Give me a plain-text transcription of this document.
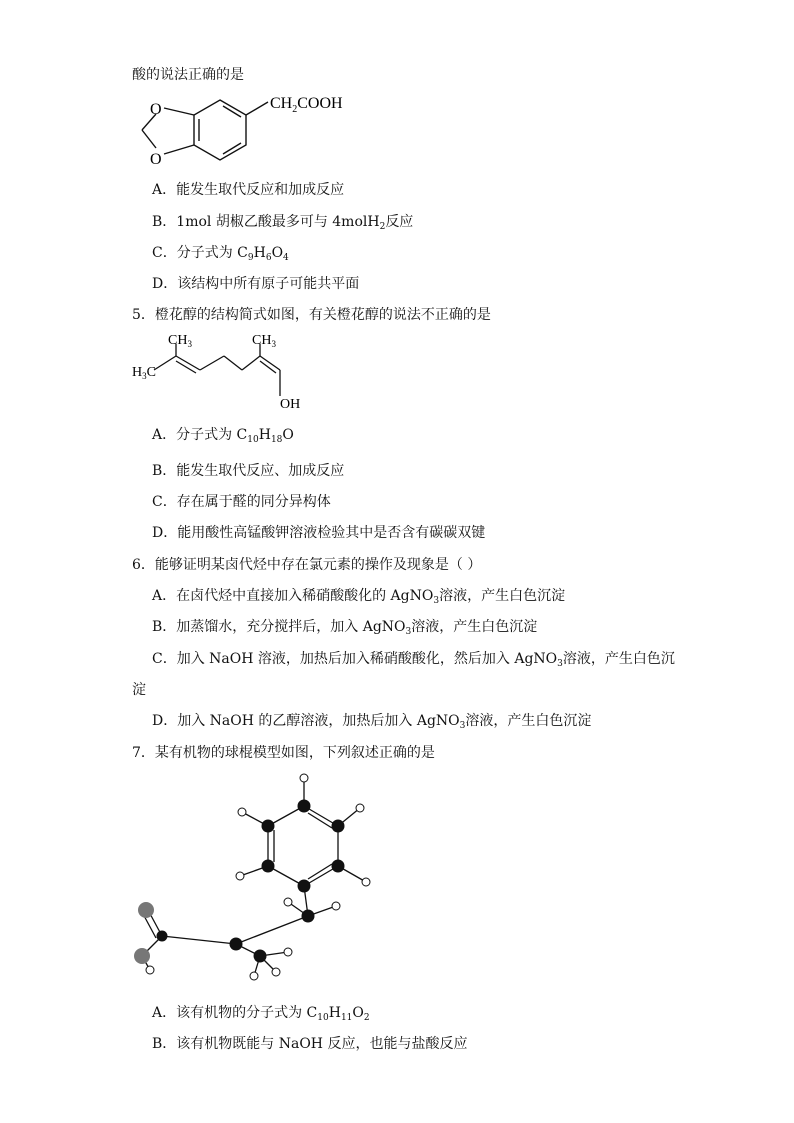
酸的说法正确的是
O
O
$CH_2COOH$
A．能发生取代反应和加成反应
B．1mol 胡椒乙酸最多可与 4molH$_2$反应
C．分子式为 $C_9H_6O_4$
D．该结构中所有原子可能共平面
5．橙花醇的结构简式如图，有关橙花醇的说法不正确的是
$CH_3$	$CH_3$
$H_3C$
OH
A．分子式为 $C_{10}H_{18}O$
B．能发生取代反应、加成反应
C．存在属于醛的同分异构体
D．能用酸性高锰酸钾溶液检验其中是否含有碳碳双键
6．能够证明某卤代烃中存在氯元素的操作及现象是（ ）
A．在卤代烃中直接加入稀硝酸酸化的 AgNO$_3$溶液，产生白色沉淀
B．加蒸馏水，充分搅拌后，加入 AgNO$_3$溶液，产生白色沉淀
C．加入 NaOH 溶液，加热后加入稀硝酸酸化，然后加入 AgNO$_3$溶液，产生白色沉
淀
D．加入 NaOH 的乙醇溶液，加热后加入 AgNO$_3$溶液，产生白色沉淀
7．某有机物的球棍模型如图，下列叙述正确的是
A．该有机物的分子式为 $C_{10}H_{11}O_2$
B．该有机物既能与 NaOH 反应，也能与盐酸反应
